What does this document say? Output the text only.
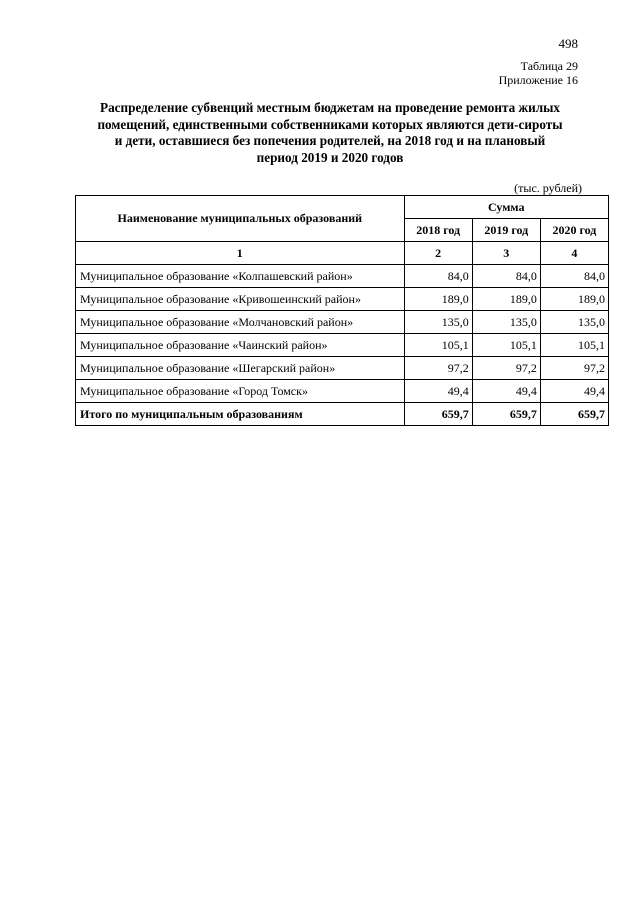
498
Таблица 29
Приложение 16
Распределение субвенций местным бюджетам на проведение ремонта жилых
помещений, единственными собственниками которых являются дети-сироты
и дети, оставшиеся без попечения родителей, на 2018 год и на плановый
период 2019 и 2020 годов
(тыс. рублей)
Наименование муниципальных образований	Сумма		
	2018 год	2019 год	2020 год
1	2	3	4
Муниципальное образование «Колпашевский район»	84,0	84,0	84,0
Муниципальное образование «Кривошеинский район»	189,0	189,0	189,0
Муниципальное образование «Молчановский район»	135,0	135,0	135,0
Муниципальное образование «Чаинский район»	105,1	105,1	105,1
Муниципальное образование «Шегарский район»	97,2	97,2	97,2
Муниципальное образование «Город Томск»	49,4	49,4	49,4
Итого по муниципальным образованиям	659,7	659,7	659,7
